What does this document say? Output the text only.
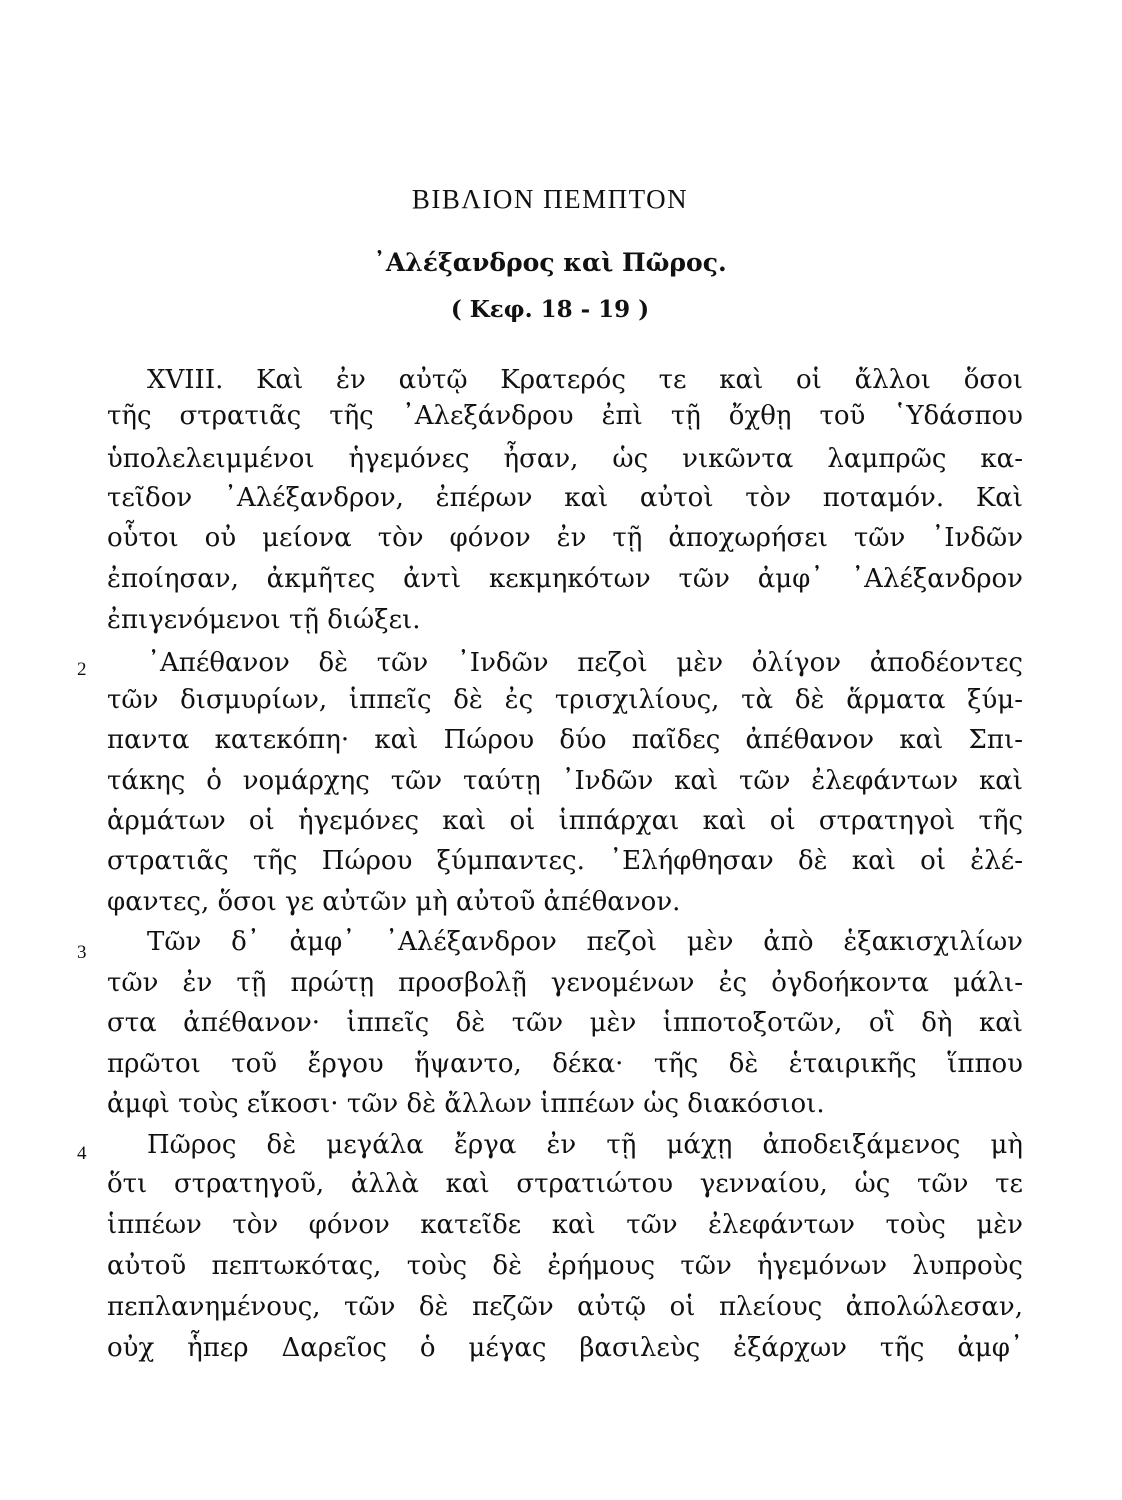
ΒΙΒΛΙΟΝ ΠΕΜΠΤΟΝ
᾿Αλέξανδρος καὶ Πῶρος.
( Κεφ. 18 - 19 )
XVIII. Καὶ ἐν αὐτῷ Κρατερός τε καὶ οἱ ἄλλοι ὅσοι
τῆς στρατιᾶς τῆς ᾿Αλεξάνδρου ἐπὶ τῇ ὄχθῃ τοῦ ῾Υδάσπου
ὑπολελειμμένοι ἡγεμόνες ἦσαν, ὡς νικῶντα λαμπρῶς κα-
τεῖδον ᾿Αλέξανδρον, ἐπέρων καὶ αὐτοὶ τὸν ποταμόν. Καὶ
οὗτοι οὐ μείονα τὸν φόνον ἐν τῇ ἀποχωρήσει τῶν ᾿Ινδῶν
ἐποίησαν, ἀκμῆτες ἀντὶ κεκμηκότων τῶν ἀμφ᾿ ᾿Αλέξανδρον
ἐπιγενόμενοι τῇ διώξει.
2	᾿Απέθανον δὲ τῶν ᾿Ινδῶν πεζοὶ μὲν ὀλίγον ἀποδέοντες
τῶν δισμυρίων, ἱππεῖς δὲ ἐς τρισχιλίους, τὰ δὲ ἅρματα ξύμ-
παντα κατεκόπη· καὶ Πώρου δύο παῖδες ἀπέθανον καὶ Σπι-
τάκης ὁ νομάρχης τῶν ταύτῃ ᾿Ινδῶν καὶ τῶν ἐλεφάντων καὶ
ἁρμάτων οἱ ἡγεμόνες καὶ οἱ ἱππάρχαι καὶ οἱ στρατηγοὶ τῆς
στρατιᾶς τῆς Πώρου ξύμπαντες. ᾿Ελήφθησαν δὲ καὶ οἱ ἐλέ-
φαντες, ὅσοι γε αὐτῶν μὴ αὐτοῦ ἀπέθανον.
3	Τῶν δ᾿ ἀμφ᾿ ᾿Αλέξανδρον πεζοὶ μὲν ἀπὸ ἑξακισχιλίων
τῶν ἐν τῇ πρώτῃ προσβολῇ γενομένων ἐς ὀγδοήκοντα μάλι-
στα ἀπέθανον· ἱππεῖς δὲ τῶν μὲν ἱπποτοξοτῶν, οἳ δὴ καὶ
πρῶτοι τοῦ ἔργου ἥψαντο, δέκα· τῆς δὲ ἑταιρικῆς ἵππου
ἀμφὶ τοὺς εἴκοσι· τῶν δὲ ἄλλων ἱππέων ὡς διακόσιοι.
4	Πῶρος δὲ μεγάλα ἔργα ἐν τῇ μάχῃ ἀποδειξάμενος μὴ
ὅτι στρατηγοῦ, ἀλλὰ καὶ στρατιώτου γενναίου, ὡς τῶν τε
ἱππέων τὸν φόνον κατεῖδε καὶ τῶν ἐλεφάντων τοὺς μὲν
αὐτοῦ πεπτωκότας, τοὺς δὲ ἐρήμους τῶν ἡγεμόνων λυπροὺς
πεπλανημένους, τῶν δὲ πεζῶν αὐτῷ οἱ πλείους ἀπολώλεσαν,
οὐχ ἧπερ Δαρεῖος ὁ μέγας βασιλεὺς ἐξάρχων τῆς ἀμφ᾿
